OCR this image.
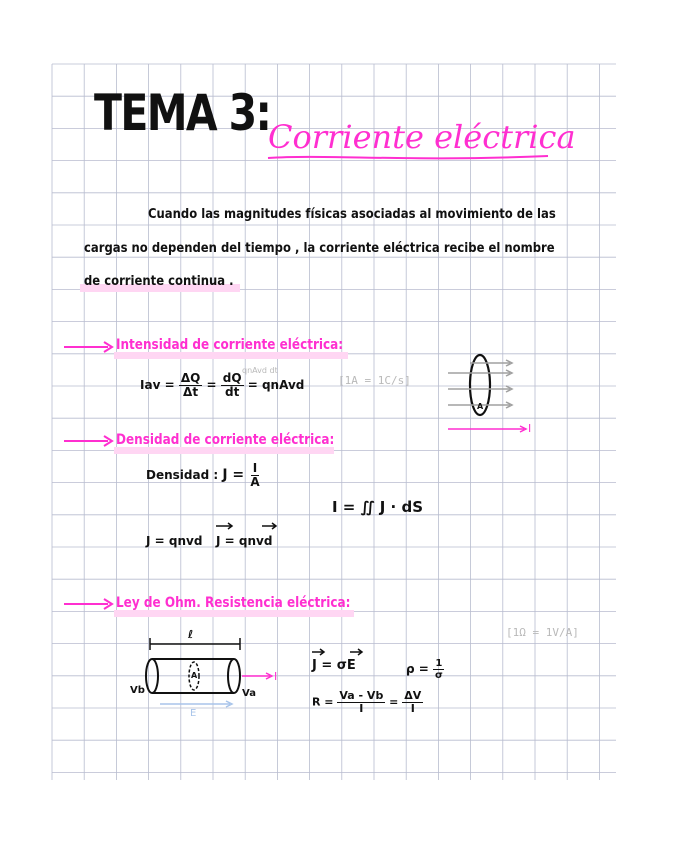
TEMA 3:
Corriente eléctrica
Cuando las magnitudes físicas asociadas al movimiento de las
cargas no dependen del tiempo , la corriente eléctrica recibe el nombre
de corriente continua .
Intensidad de corriente eléctrica:
Iav = $\frac{\Delta Q}{\Delta t} = \frac{dQ}{dt}$ = qnAvd
qnAvd dt
[1A = 1C/s]
A
I
Densidad de corriente eléctrica:
Densidad : $J = \frac{I}{A}$
I = ∬ J · dS
J = qnvd J = qnvd
Ley de Ohm. Resistencia eléctrica:
[1Ω = 1V/A]
ℓ
A
Vb	Va
I
E
J = σE	$\rho = \frac{1}{\sigma}$
$R = \frac{Va - Vb}{I} = \frac{\Delta V}{I}$
